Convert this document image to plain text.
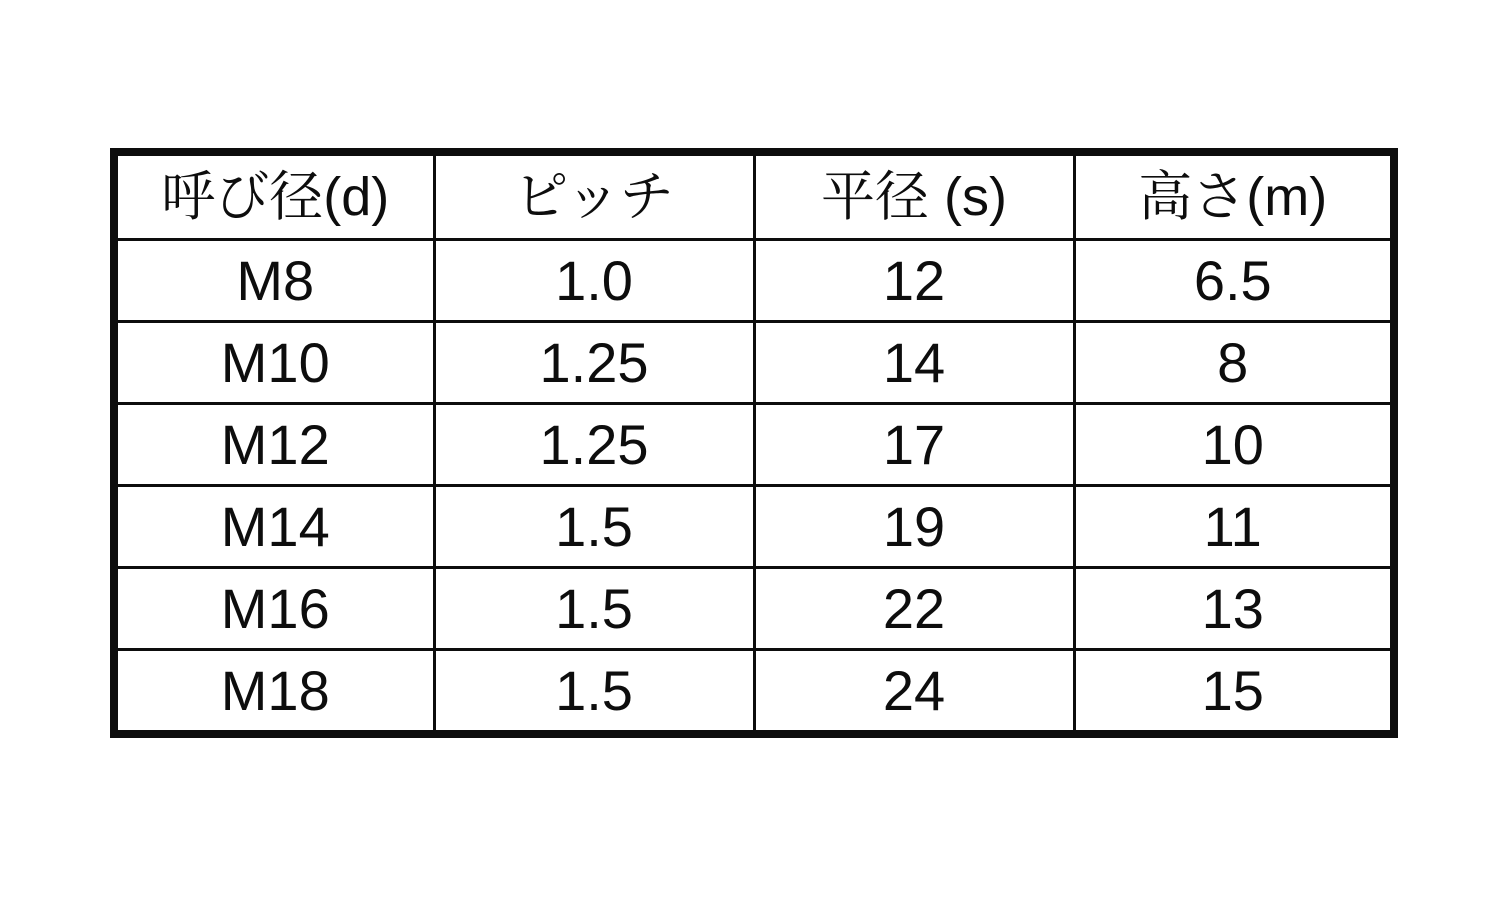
呼び径(d)	ピッチ	平径 (s)	高さ(m)
M8	1.0	12	6.5
M10	1.25	14	8
M12	1.25	17	10
M14	1.5	19	11
M16	1.5	22	13
M18	1.5	24	15
